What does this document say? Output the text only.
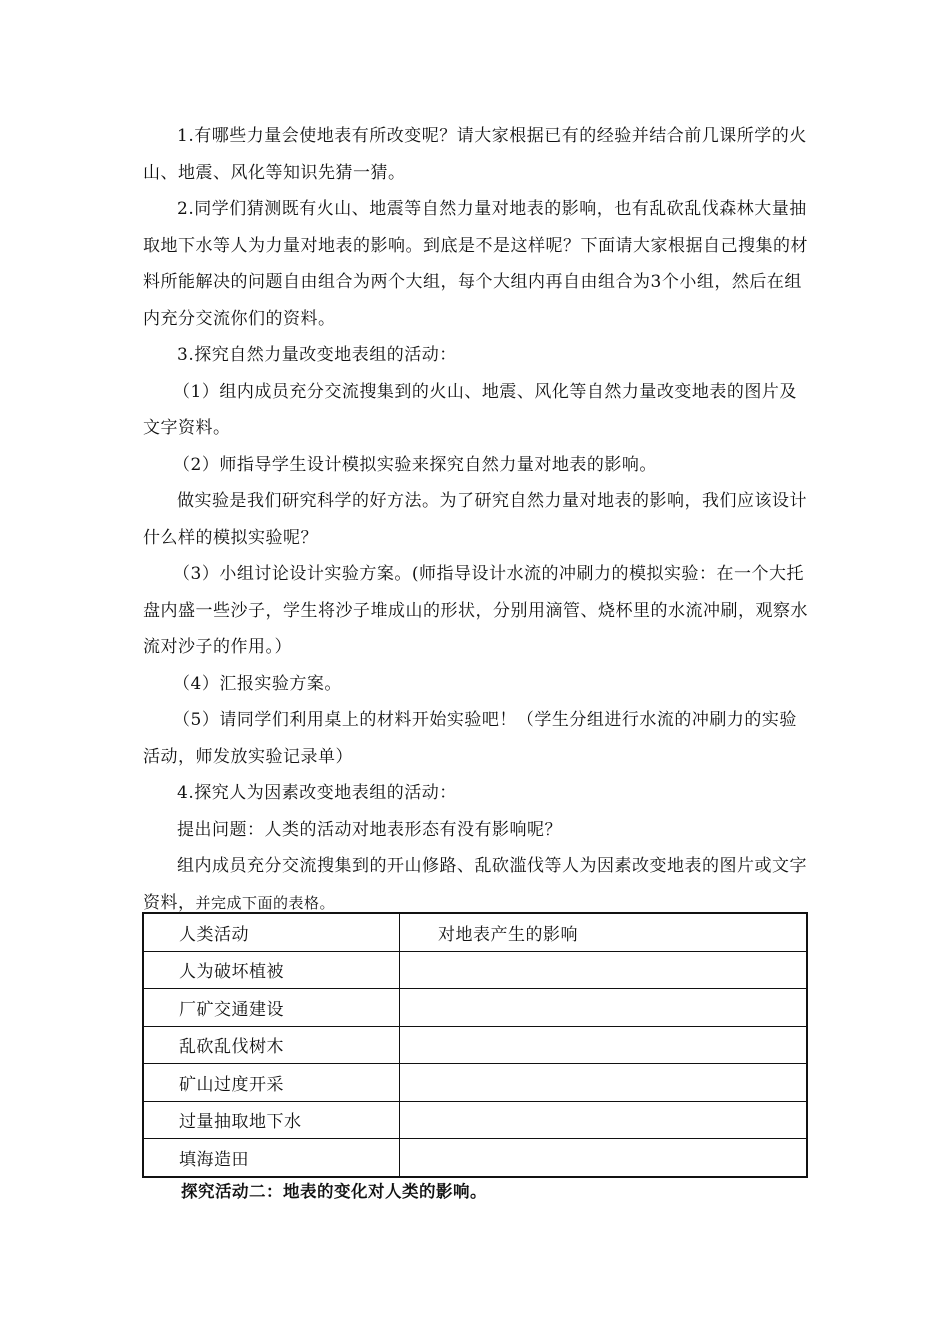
1.有哪些力量会使地表有所改变呢？请大家根据已有的经验并结合前几课所学的火山、地震、风化等知识先猜一猜。

2.同学们猜测既有火山、地震等自然力量对地表的影响，也有乱砍乱伐森林大量抽取地下水等人为力量对地表的影响。到底是不是这样呢？下面请大家根据自己搜集的材料所能解决的问题自由组合为两个大组，每个大组内再自由组合为3个小组，然后在组内充分交流你们的资料。

3.探究自然力量改变地表组的活动：

（1）组内成员充分交流搜集到的火山、地震、风化等自然力量改变地表的图片及文字资料。

（2）师指导学生设计模拟实验来探究自然力量对地表的影响。

做实验是我们研究科学的好方法。为了研究自然力量对地表的影响，我们应该设计什么样的模拟实验呢？

（3）小组讨论设计实验方案。(师指导设计水流的冲刷力的模拟实验：在一个大托盘内盛一些沙子，学生将沙子堆成山的形状，分别用滴管、烧杯里的水流冲刷，观察水流对沙子的作用。）

（4）汇报实验方案。

（5）请同学们利用桌上的材料开始实验吧！（学生分组进行水流的冲刷力的实验活动，师发放实验记录单）

4.探究人为因素改变地表组的活动：

提出问题：人类的活动对地表形态有没有影响呢？

组内成员充分交流搜集到的开山修路、乱砍滥伐等人为因素改变地表的图片或文字资料，并完成下面的表格。

人类活动	对地表产生的影响
人为破坏植被	
厂矿交通建设	
乱砍乱伐树木	
矿山过度开采	
过量抽取地下水	
填海造田	

探究活动二：地表的变化对人类的影响。
